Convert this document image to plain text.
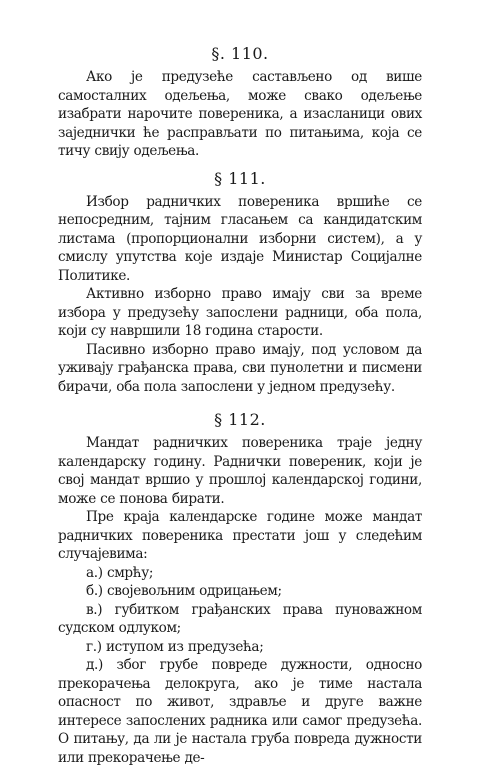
§. 110.

Ако је предузеће састављено од више самосталних одељења, може свако одељење изабрати нарочите повереника, а изасланици ових заједнички ће расправљати по питањима, која се тичу свију одељења.

§ 111.

Избор радничких повереника вршиће се непосредним, тајним гласањем са кандидатским листама (пропорционални изборни систем), а у смислу упутства које издаје Министар Социјалне Политике.

Активно изборно право имају сви за време избора у предузећу запослени радници, оба пола, који су навршили 18 година старости.

Пасивно изборно право имају, под условом да уживају грађанска права, сви пунолетни и писмени бирачи, оба пола запослени у једном предузећу.

§ 112.

Мандат радничких повереника траје једну календарску годину. Раднички повереник, који је свој мандат вршио у прошлој календарској години, може се понова бирати.

Пре краја календарске године може мандат радничких повереника престати још у следећим случајевима:

а.) смрћу;

б.) својевољним одрицањем;

в.) губитком грађанских права пуноважном судском одлуком;

г.) иступом из предузећа;

д.) због грубе повреде дужности, односно прекорачења делокруга, ако је тиме настала опасност по живот, здравље и друге важне интересе запослених радника или самог предузећа. О питању, да ли је настала груба повреда дужности или прекорачење де-
